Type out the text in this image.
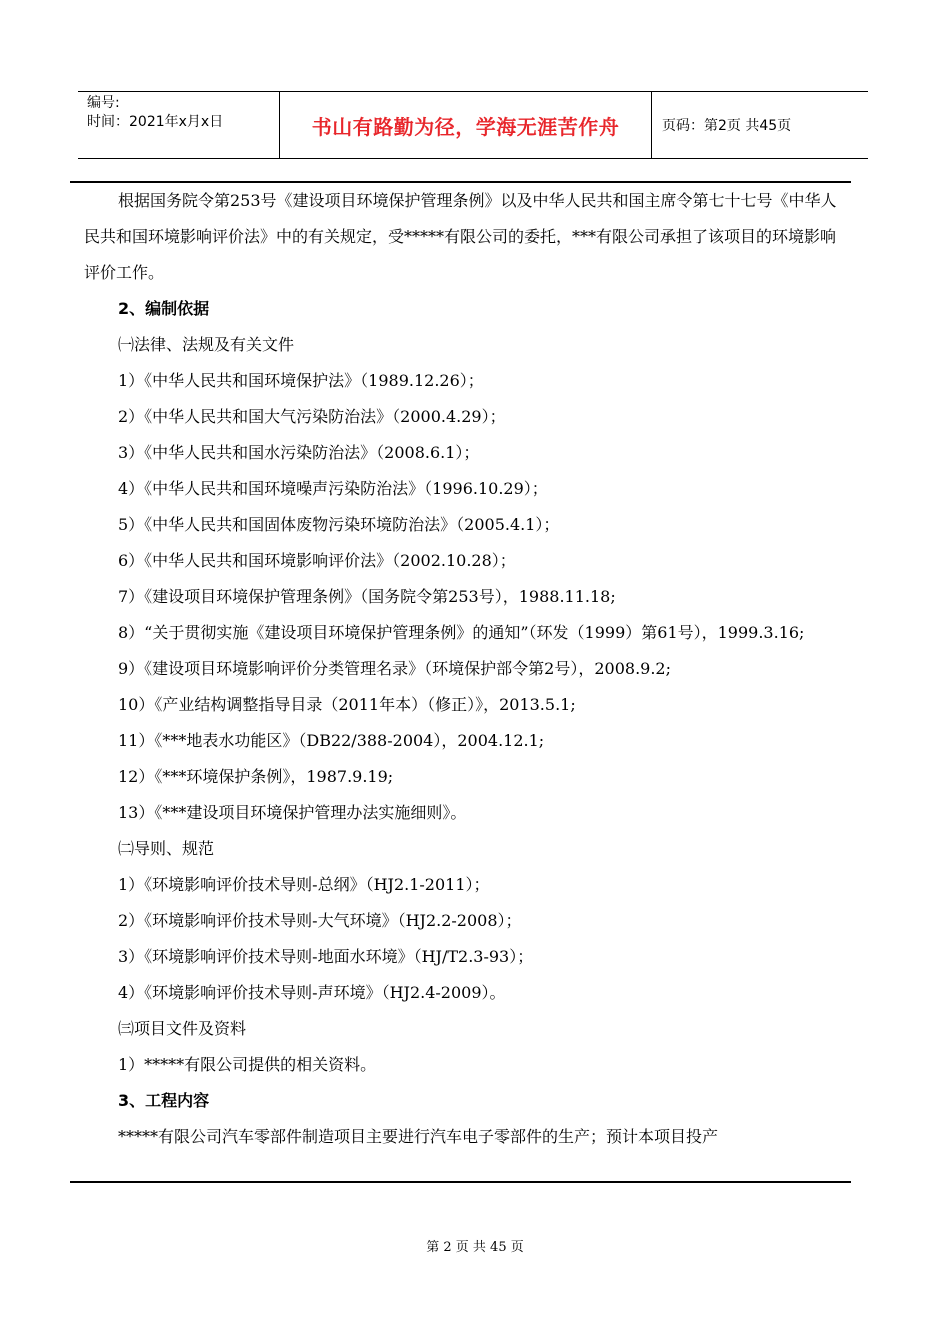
编号:
时间：2021年x月x日	书山有路勤为径，学海无涯苦作舟	页码：第2页 共45页

根据国务院令第253号《建设项目环境保护管理条例》以及中华人民共和国主席令第七十七号《中华人民共和国环境影响评价法》中的有关规定，受*****有限公司的委托，***有限公司承担了该项目的环境影响评价工作。

2、编制依据

㈠法律、法规及有关文件

1）《中华人民共和国环境保护法》（1989.12.26）；

2）《中华人民共和国大气污染防治法》（2000.4.29）；

3）《中华人民共和国水污染防治法》（2008.6.1）；

4）《中华人民共和国环境噪声污染防治法》（1996.10.29）；

5）《中华人民共和国固体废物污染环境防治法》（2005.4.1）；

6）《中华人民共和国环境影响评价法》（2002.10.28）；

7）《建设项目环境保护管理条例》（国务院令第253号），1988.11.18;

8）“关于贯彻实施《建设项目环境保护管理条例》的通知”（环发（1999）第61号），1999.3.16;

9）《建设项目环境影响评价分类管理名录》（环境保护部令第2号），2008.9.2;

10）《产业结构调整指导目录（2011年本）（修正）》，2013.5.1;

11）《***地表水功能区》（DB22/388-2004），2004.12.1;

12）《***环境保护条例》，1987.9.19;

13）《***建设项目环境保护管理办法实施细则》。

㈡导则、规范

1）《环境影响评价技术导则-总纲》（HJ2.1-2011）；

2）《环境影响评价技术导则-大气环境》（HJ2.2-2008）；

3）《环境影响评价技术导则-地面水环境》（HJ/T2.3-93）；

4）《环境影响评价技术导则-声环境》（HJ2.4-2009）。

㈢项目文件及资料

1）*****有限公司提供的相关资料。

3、工程内容

*****有限公司汽车零部件制造项目主要进行汽车电子零部件的生产；预计本项目投产

第 2 页 共 45 页
